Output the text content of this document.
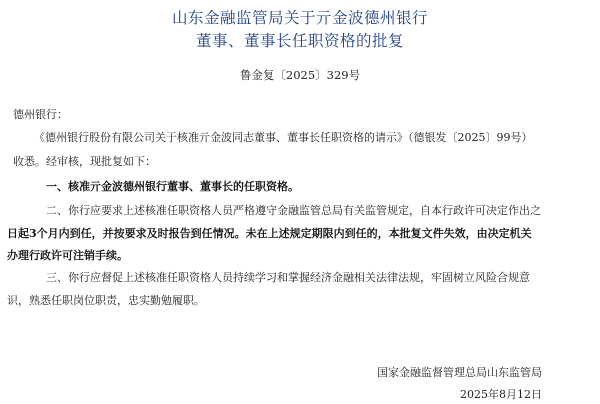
山东金融监管局关于亓金波德州银行
董事、董事长任职资格的批复
鲁金复〔2025〕329号
德州银行：
《德州银行股份有限公司关于核准亓金波同志董事、董事长任职资格的请示》（德银发〔2025〕99号）
收悉。经审核，现批复如下：
一、核准亓金波德州银行董事、董事长的任职资格。
二、你行应要求上述核准任职资格人员严格遵守金融监管总局有关监管规定，自本行政许可决定作出之
日起3个月内到任，并按要求及时报告到任情况。未在上述规定期限内到任的，本批复文件失效，由决定机关
办理行政许可注销手续。
三、你行应督促上述核准任职资格人员持续学习和掌握经济金融相关法律法规，牢固树立风险合规意
识，熟悉任职岗位职责，忠实勤勉履职。
国家金融监督管理总局山东监管局
2025年8月12日
